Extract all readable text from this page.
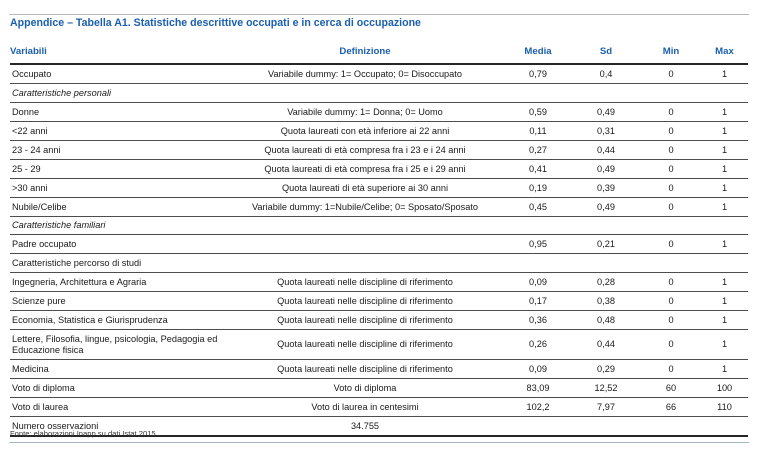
Appendice – Tabella A1. Statistiche descrittive occupati e in cerca di occupazione
Variabili	Definizione	Media	Sd	Min	Max
Occupato	Variabile dummy: 1= Occupato; 0= Disoccupato	0,79	0,4	0	1
Caratteristiche personali					
Donne	Variabile dummy: 1= Donna; 0= Uomo	0,59	0,49	0	1
<22 anni	Quota laureati con età inferiore ai 22 anni	0,11	0,31	0	1
23 - 24 anni	Quota laureati di età compresa fra i 23 e i 24 anni	0,27	0,44	0	1
25 - 29	Quota laureati di età compresa fra i 25 e i 29 anni	0,41	0,49	0	1
>30 anni	Quota laureati di età superiore ai 30 anni	0,19	0,39	0	1
Nubile/Celibe	Variabile dummy: 1=Nubile/Celibe; 0= Sposato/Sposato	0,45	0,49	0	1
Caratteristiche familiari					
Padre occupato		0,95	0,21	0	1
Caratteristiche percorso di studi					
Ingegneria, Architettura e Agraria	Quota laureati nelle discipline di riferimento	0,09	0,28	0	1
Scienze pure	Quota laureati nelle discipline di riferimento	0,17	0,38	0	1
Economia, Statistica e Giurisprudenza	Quota laureati nelle discipline di riferimento	0,36	0,48	0	1
Lettere, Filosofia, lingue, psicologia, Pedagogia ed Educazione fisica	Quota laureati nelle discipline di riferimento	0,26	0,44	0	1
Medicina	Quota laureati nelle discipline di riferimento	0,09	0,29	0	1
Voto di diploma	Voto di diploma	83,09	12,52	60	100
Voto di laurea	Voto di laurea in centesimi	102,2	7,97	66	110
Numero osservazioni	34.755				
Fonte: elaborazioni Inapp su dati Istat 2015
